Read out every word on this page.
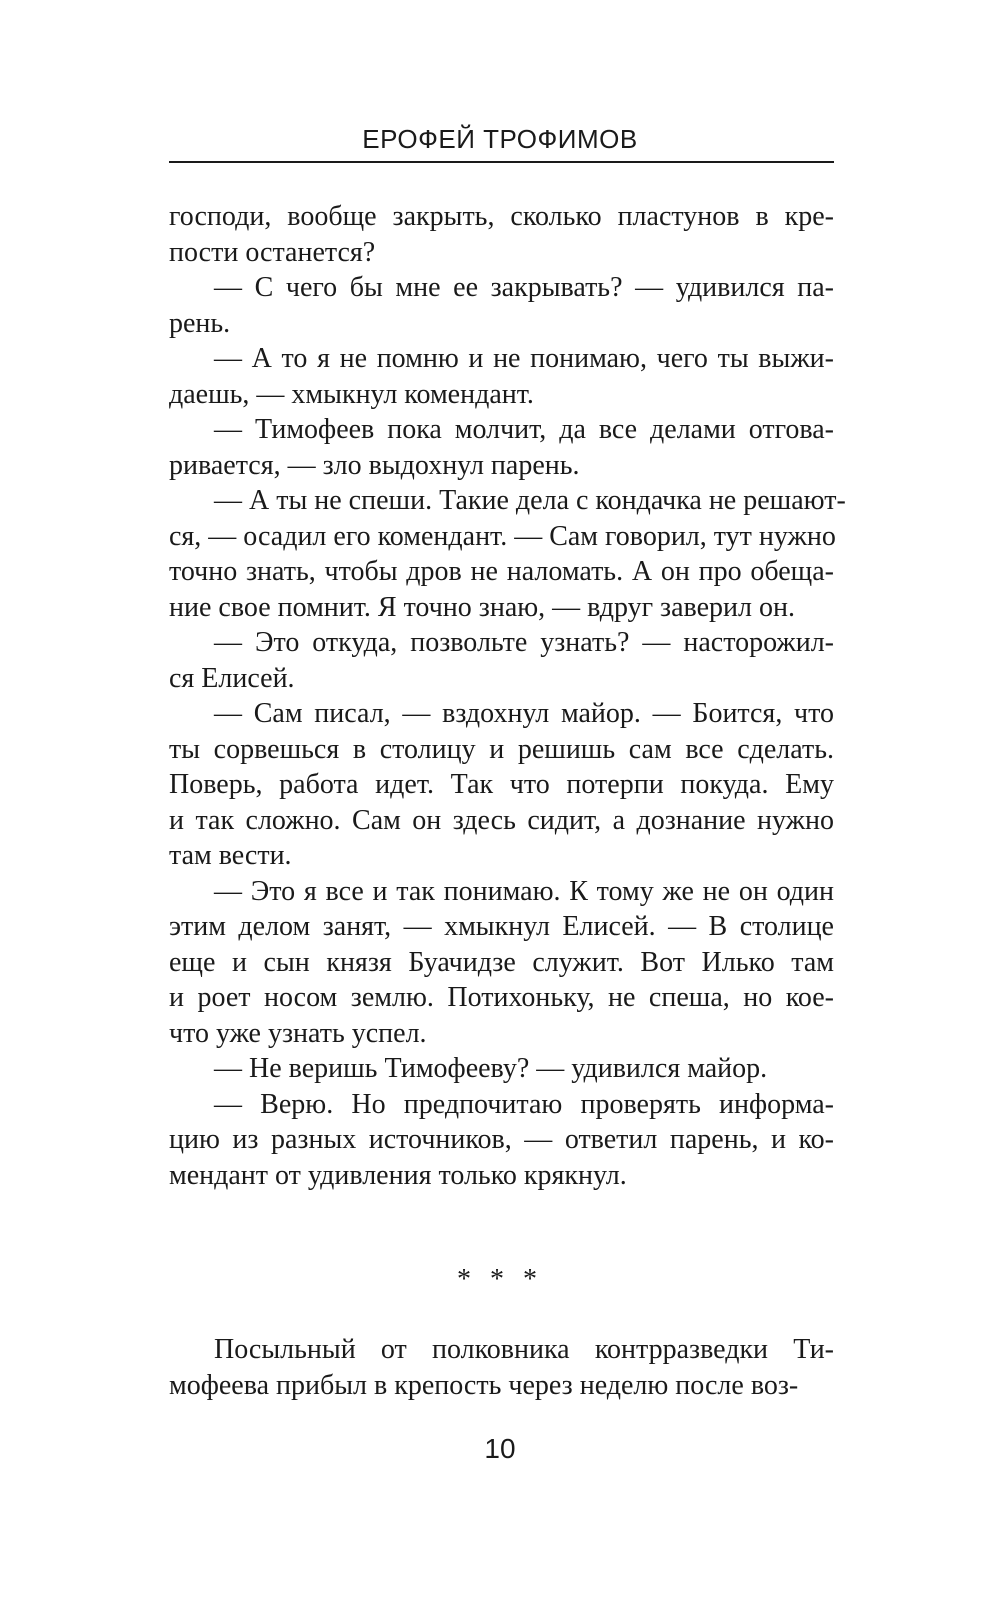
ЕРОФЕЙ ТРОФИМОВ
господи, вообще закрыть, сколько пластунов в кре-
пости останется?
— С чего бы мне ее закрывать? — удивился па-
рень.
— А то я не помню и не понимаю, чего ты выжи-
даешь, — хмыкнул комендант.
— Тимофеев пока молчит, да все делами отгова-
ривается, — зло выдохнул парень.
— А ты не спеши. Такие дела с кондачка не решают-
ся, — осадил его комендант. — Сам говорил, тут нужно
точно знать, чтобы дров не наломать. А он про обеща-
ние свое помнит. Я точно знаю, — вдруг заверил он.
— Это откуда, позвольте узнать? — насторожил-
ся Елисей.
— Сам писал, — вздохнул майор. — Боится, что
ты сорвешься в столицу и решишь сам все сделать.
Поверь, работа идет. Так что потерпи покуда. Ему
и так сложно. Сам он здесь сидит, а дознание нужно
там вести.
— Это я все и так понимаю. К тому же не он один
этим делом занят, — хмыкнул Елисей. — В столице
еще и сын князя Буачидзе служит. Вот Илько там
и роет носом землю. Потихоньку, не спеша, но кое-
что уже узнать успел.
— Не веришь Тимофееву? — удивился майор.
— Верю. Но предпочитаю проверять информа-
цию из разных источников, — ответил парень, и ко-
мендант от удивления только крякнул.
* * *
Посыльный от полковника контрразведки Ти-
мофеева прибыл в крепость через неделю после воз-
10
